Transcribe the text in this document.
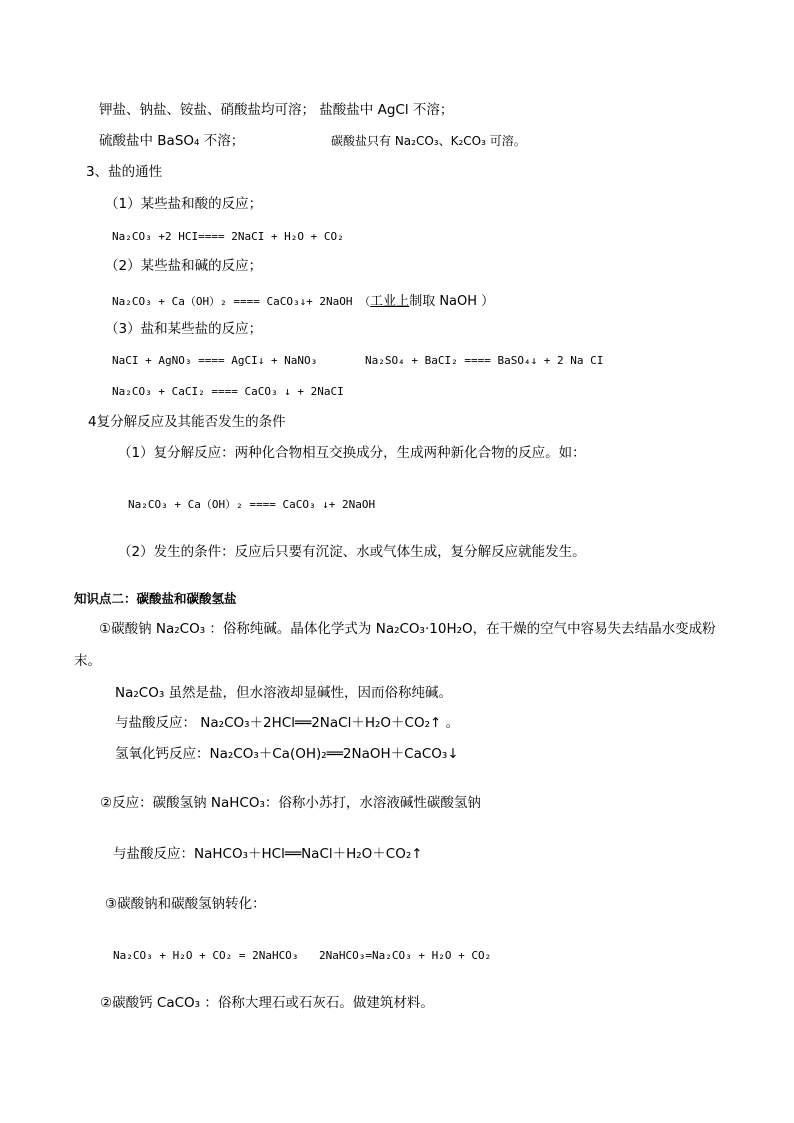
钾盐、钠盐、铵盐、硝酸盐均可溶； 盐酸盐中 AgCl 不溶；
硫酸盐中 BaSO₄ 不溶；	碳酸盐只有 Na₂CO₃、K₂CO₃ 可溶。
3、盐的通性
（1）某些盐和酸的反应；
Na₂CO₃ +2 HCI==== 2NaCI + H₂O + CO₂
（2）某些盐和碱的反应；
Na₂CO₃ + Ca（OH）₂ ==== CaCO₃↓+ 2NaOH （工业上制取 NaOH ）
（3）盐和某些盐的反应；
NaCI + AgNO₃ ==== AgCI↓ + NaNO₃	Na₂SO₄ + BaCI₂ ==== BaSO₄↓ + 2 Na CI
Na₂CO₃ + CaCI₂ ==== CaCO₃ ↓ + 2NaCI
4复分解反应及其能否发生的条件
（1）复分解反应：两种化合物相互交换成分，生成两种新化合物的反应。如：
Na₂CO₃ + Ca（OH）₂ ==== CaCO₃ ↓+ 2NaOH
（2）发生的条件：反应后只要有沉淀、水或气体生成，复分解反应就能发生。
知识点二：碳酸盐和碳酸氢盐
①碳酸钠 Na₂CO₃ ：俗称纯碱。晶体化学式为 Na₂CO₃·10H₂O，在干燥的空气中容易失去结晶水变成粉
末。
Na₂CO₃ 虽然是盐，但水溶液却显碱性，因而俗称纯碱。
与盐酸反应： Na₂CO₃＋2HCl══2NaCl＋H₂O＋CO₂↑ 。
氢氧化钙反应：Na₂CO₃＋Ca(OH)₂══2NaOH＋CaCO₃↓
②反应：碳酸氢钠 NaHCO₃：俗称小苏打，水溶液碱性碳酸氢钠
与盐酸反应：NaHCO₃＋HCl══NaCl＋H₂O＋CO₂↑
③碳酸钠和碳酸氢钠转化：
Na₂CO₃ + H₂O + CO₂ = 2NaHCO₃ 2NaHCO₃=Na₂CO₃ + H₂O + CO₂
②碳酸钙 CaCO₃ ：俗称大理石或石灰石。做建筑材料。
